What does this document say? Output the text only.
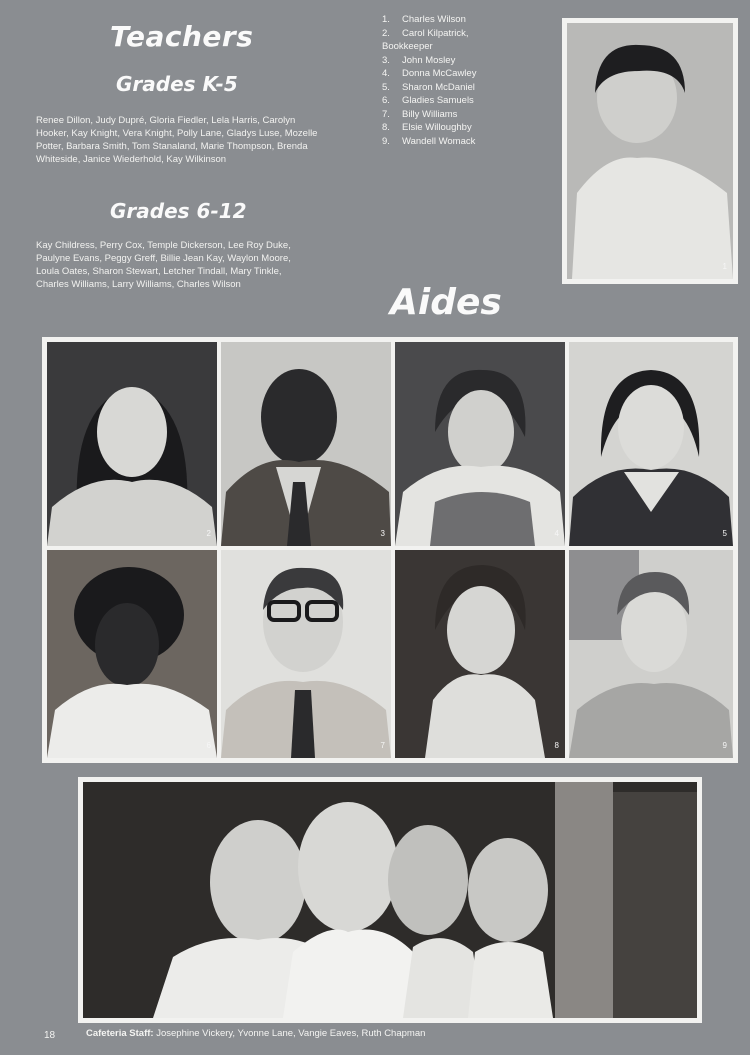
Teachers
Grades K-5
Renee Dillon, Judy Dupré, Gloria Fiedler, Lela Harris, Carolyn Hooker, Kay Knight, Vera Knight, Polly Lane, Gladys Luse, Mozelle Potter, Barbara Smith, Tom Stanaland, Marie Thompson, Brenda Whiteside, Janice Wiederhold, Kay Wilkinson
Grades 6-12
Kay Childress, Perry Cox, Temple Dickerson, Lee Roy Duke, Paulyne Evans, Peggy Greff, Billie Jean Kay, Waylon Moore, Loula Oates, Sharon Stewart, Letcher Tindall, Mary Tinkle, Charles Williams, Larry Williams, Charles Wilson
1. Charles Wilson
2. Carol Kilpatrick,
Bookkeeper
3. John Mosley
4. Donna McCawley
5. Sharon McDaniel
6. Gladies Samuels
7. Billy Williams
8. Elsie Willoughby
9. Wandell Womack
1
Aides
2	3	4	5
6	7	8	9
18	Cafeteria Staff: Josephine Vickery, Yvonne Lane, Vangie Eaves, Ruth Chapman
